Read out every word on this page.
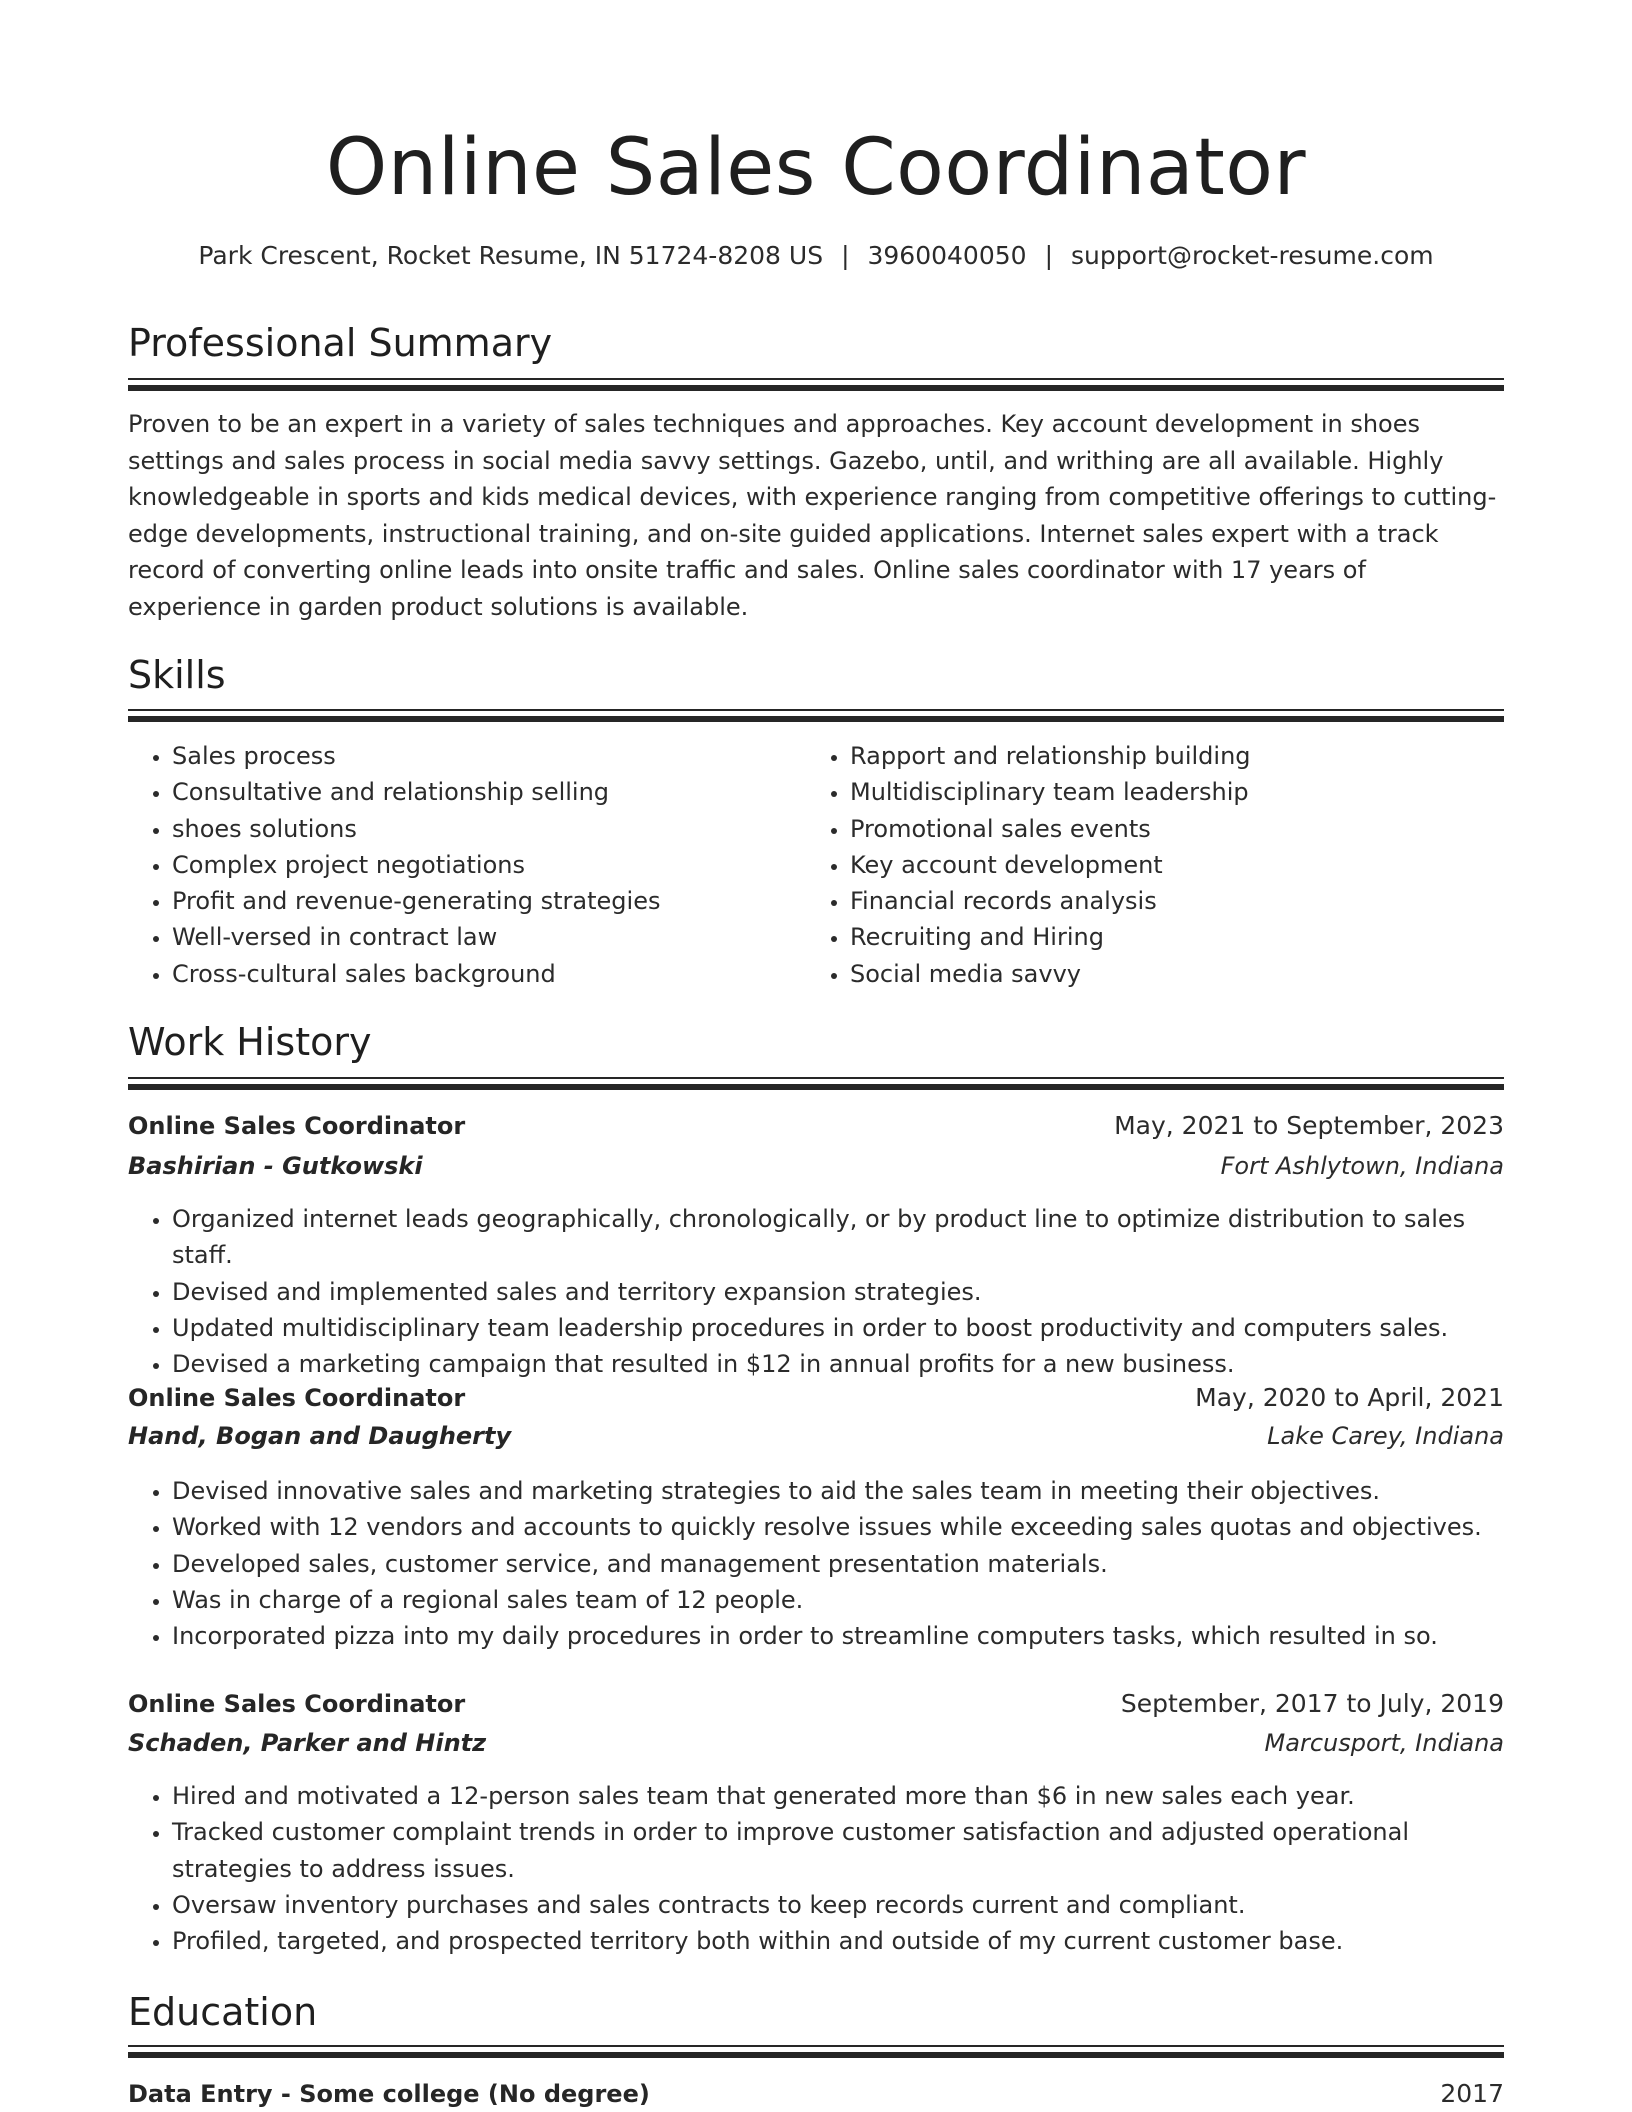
Online Sales Coordinator
Park Crescent, Rocket Resume, IN 51724-8208 US | 3960040050 | support@rocket-resume.com
Professional Summary

Proven to be an expert in a variety of sales techniques and approaches. Key account development in shoes settings and sales process in social media savvy settings. Gazebo, until, and writhing are all available. Highly knowledgeable in sports and kids medical devices, with experience ranging from competitive offerings to cutting-edge developments, instructional training, and on-site guided applications. Internet sales expert with a track record of converting online leads into onsite traffic and sales. Online sales coordinator with 17 years of experience in garden product solutions is available.

Skills
• Sales process
• Consultative and relationship selling
• shoes solutions
• Complex project negotiations
• Profit and revenue-generating strategies
• Well-versed in contract law
• Cross-cultural sales background
• Rapport and relationship building
• Multidisciplinary team leadership
• Promotional sales events
• Key account development
• Financial records analysis
• Recruiting and Hiring
• Social media savvy
Work History
Online Sales Coordinator	May, 2021 to September, 2023
Bashirian - Gutkowski	Fort Ashlytown, Indiana
• Organized internet leads geographically, chronologically, or by product line to optimize distribution to sales staff.
• Devised and implemented sales and territory expansion strategies.
• Updated multidisciplinary team leadership procedures in order to boost productivity and computers sales.
• Devised a marketing campaign that resulted in $12 in annual profits for a new business.
Online Sales Coordinator	May, 2020 to April, 2021
Hand, Bogan and Daugherty	Lake Carey, Indiana
• Devised innovative sales and marketing strategies to aid the sales team in meeting their objectives.
• Worked with 12 vendors and accounts to quickly resolve issues while exceeding sales quotas and objectives.
• Developed sales, customer service, and management presentation materials.
• Was in charge of a regional sales team of 12 people.
• Incorporated pizza into my daily procedures in order to streamline computers tasks, which resulted in so.
Online Sales Coordinator	September, 2017 to July, 2019
Schaden, Parker and Hintz	Marcusport, Indiana
• Hired and motivated a 12-person sales team that generated more than $6 in new sales each year.
• Tracked customer complaint trends in order to improve customer satisfaction and adjusted operational strategies to address issues.
• Oversaw inventory purchases and sales contracts to keep records current and compliant.
• Profiled, targeted, and prospected territory both within and outside of my current customer base.
Education
Data Entry - Some college (No degree)	2017
